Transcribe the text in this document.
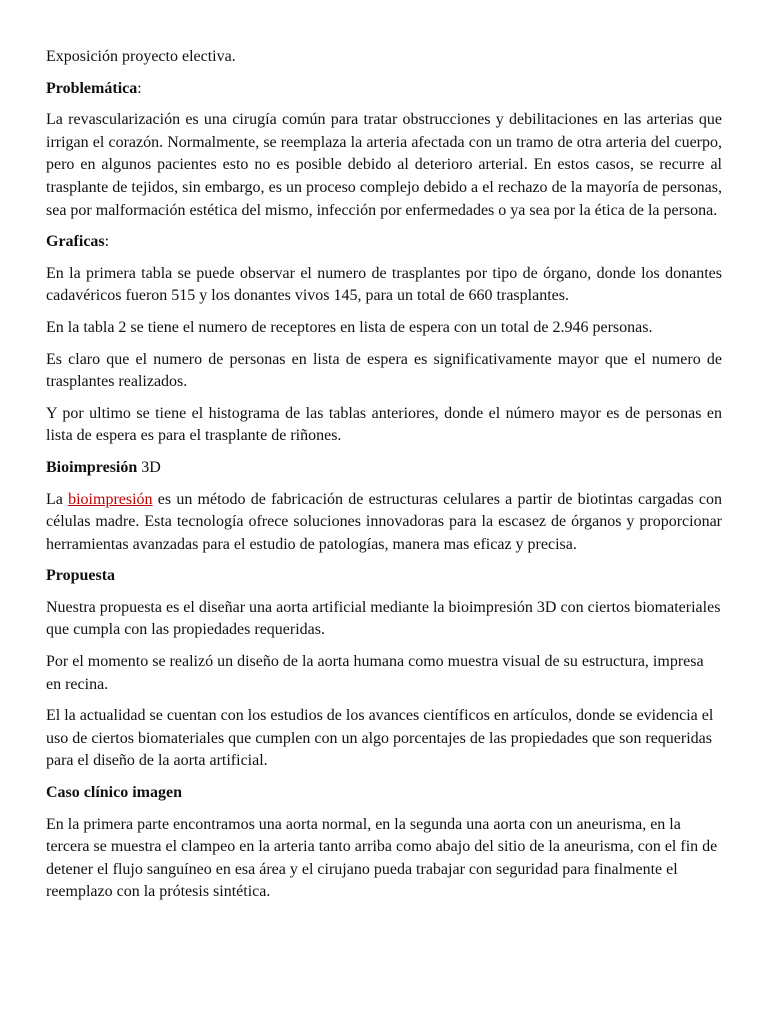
Exposición proyecto electiva.

Problemática:

La revascularización es una cirugía común para tratar obstrucciones y debilitaciones en las arterias que irrigan el corazón. Normalmente, se reemplaza la arteria afectada con un tramo de otra arteria del cuerpo, pero en algunos pacientes esto no es posible debido al deterioro arterial. En estos casos, se recurre al trasplante de tejidos, sin embargo, es un proceso complejo debido a el rechazo de la mayoría de personas, sea por malformación estética del mismo, infección por enfermedades o ya sea por la ética de la persona.

Graficas:

En la primera tabla se puede observar el numero de trasplantes por tipo de órgano, donde los donantes cadavéricos fueron 515 y los donantes vivos 145, para un total de 660 trasplantes.

En la tabla 2 se tiene el numero de receptores en lista de espera con un total de 2.946 personas.

Es claro que el numero de personas en lista de espera es significativamente mayor que el numero de trasplantes realizados.

Y por ultimo se tiene el histograma de las tablas anteriores, donde el número mayor es de personas en lista de espera es para el trasplante de riñones.

Bioimpresión 3D

La bioimpresión es un método de fabricación de estructuras celulares a partir de biotintas cargadas con células madre. Esta tecnología ofrece soluciones innovadoras para la escasez de órganos y proporcionar herramientas avanzadas para el estudio de patologías, manera mas eficaz y precisa.

Propuesta

Nuestra propuesta es el diseñar una aorta artificial mediante la bioimpresión 3D con ciertos biomateriales que cumpla con las propiedades requeridas.

Por el momento se realizó un diseño de la aorta humana como muestra visual de su estructura, impresa en recina.

El la actualidad se cuentan con los estudios de los avances científicos en artículos, donde se evidencia el uso de ciertos biomateriales que cumplen con un algo porcentajes de las propiedades que son requeridas para el diseño de la aorta artificial.

Caso clínico imagen

En la primera parte encontramos una aorta normal, en la segunda una aorta con un aneurisma, en la tercera se muestra el clampeo en la arteria tanto arriba como abajo del sitio de la aneurisma, con el fin de detener el flujo sanguíneo en esa área y el cirujano pueda trabajar con seguridad para finalmente el reemplazo con la prótesis sintética.
